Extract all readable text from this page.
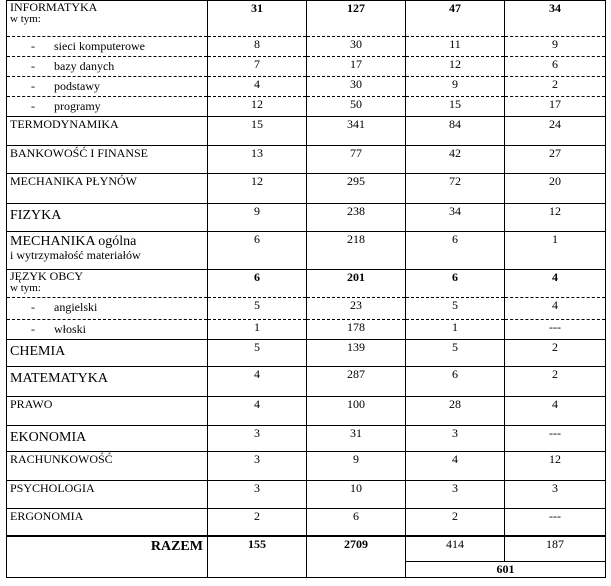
INFORMATYKA
w tym:	31	127	47	34

- sieci komputerowe	8	30	11	9

- bazy danych	7	17	12	6

- podstawy	4	30	9	2

- programy	12	50	15	17
TERMODYNAMIKA	15	341	84	24
BANKOWOŚĆ I FINANSE	13	77	42	27
MECHANIKA PŁYNÓW	12	295	72	20
FIZYKA	9	238	34	12
MECHANIKA ogólna
i wytrzymałość materiałów	6	218	6	1
JĘZYK OBCY
w tym:	6	201	6	4

- angielski	5	23	5	4

- włoski	1	178	1	---
CHEMIA	5	139	5	2
MATEMATYKA	4	287	6	2
PRAWO	4	100	28	4
EKONOMIA	3	31	3	---
RACHUNKOWOŚĆ	3	9	4	12
PSYCHOLOGIA	3	10	3	3
ERGONOMIA	2	6	2	---
RAZEM	155	2709	414	187
			601	
